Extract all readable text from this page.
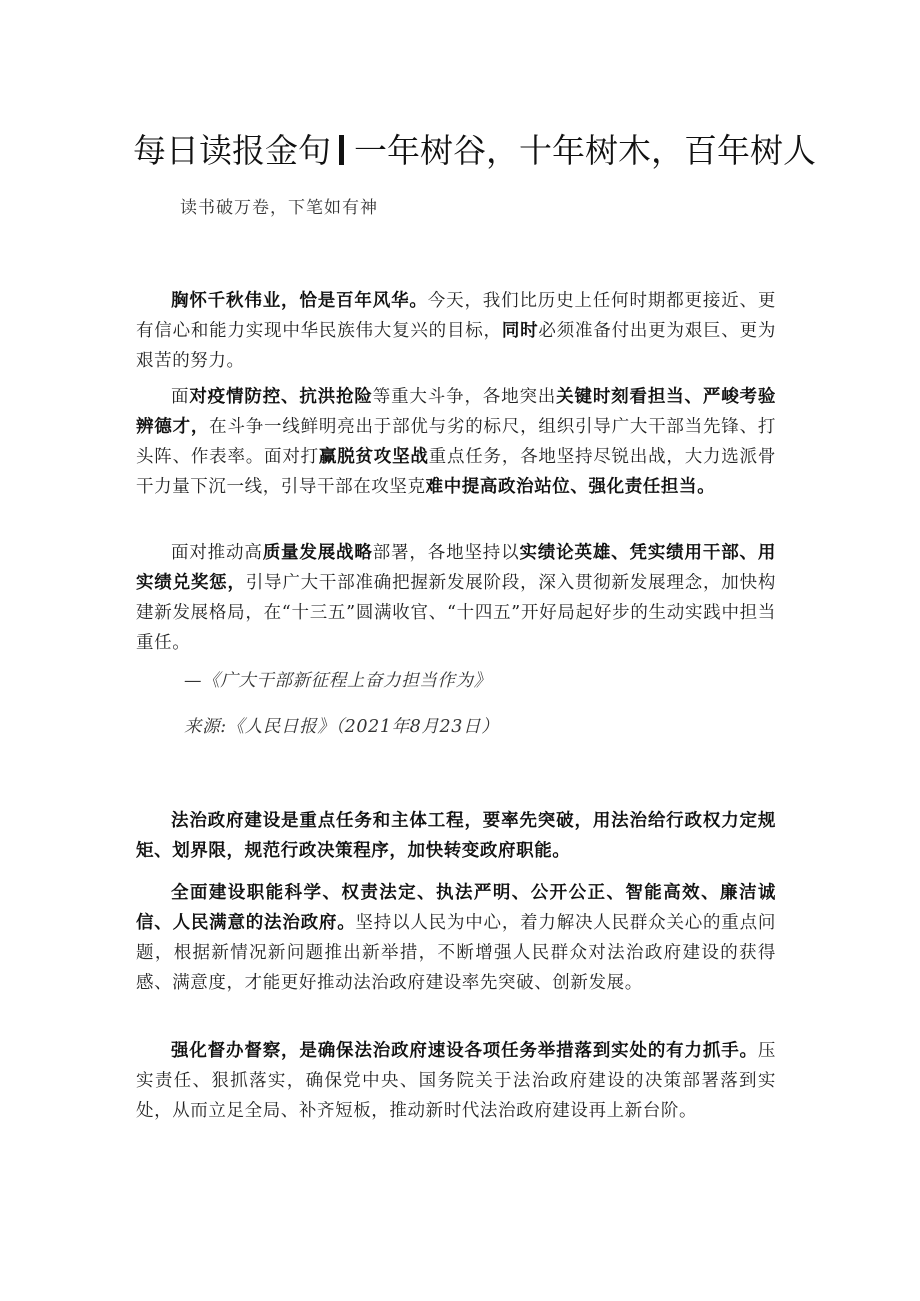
每日读报金句 一年树谷，十年树木，百年树人
读书破万卷，下笔如有神

胸怀千秋伟业，恰是百年风华。今天，我们比历史上任何时期都更接近、更有信心和能力实现中华民族伟大复兴的目标，同时必须准备付出更为艰巨、更为艰苦的努力。

面对疫情防控、抗洪抢险等重大斗争，各地突出关键时刻看担当、严峻考验辨德才，在斗争一线鲜明亮出于部优与劣的标尺，组织引导广大干部当先锋、打头阵、作表率。面对打赢脱贫攻坚战重点任务，各地坚持尽锐出战，大力选派骨干力量下沉一线，引导干部在攻坚克难中提高政治站位、强化责任担当。

面对推动高质量发展战略部署，各地坚持以实绩论英雄、凭实绩用干部、用实绩兑奖惩，引导广大干部准确把握新发展阶段，深入贯彻新发展理念，加快构建新发展格局，在“十三五”圆满收官、“十四五”开好局起好步的生动实践中担当重任。

—《广大干部新征程上奋力担当作为》
来源:《人民日报》（2021年8月23日）

法治政府建设是重点任务和主体工程，要率先突破，用法治给行政权力定规矩、划界限，规范行政决策程序，加快转变政府职能。

全面建设职能科学、权责法定、执法严明、公开公正、智能高效、廉洁诚信、人民满意的法治政府。坚持以人民为中心，着力解决人民群众关心的重点问题，根据新情况新问题推出新举措，不断增强人民群众对法治政府建设的获得感、满意度，才能更好推动法治政府建设率先突破、创新发展。

强化督办督察，是确保法治政府速设各项任务举措落到实处的有力抓手。压实责任、狠抓落实，确保党中央、国务院关于法治政府建设的决策部署落到实处，从而立足全局、补齐短板，推动新时代法治政府建设再上新台阶。
